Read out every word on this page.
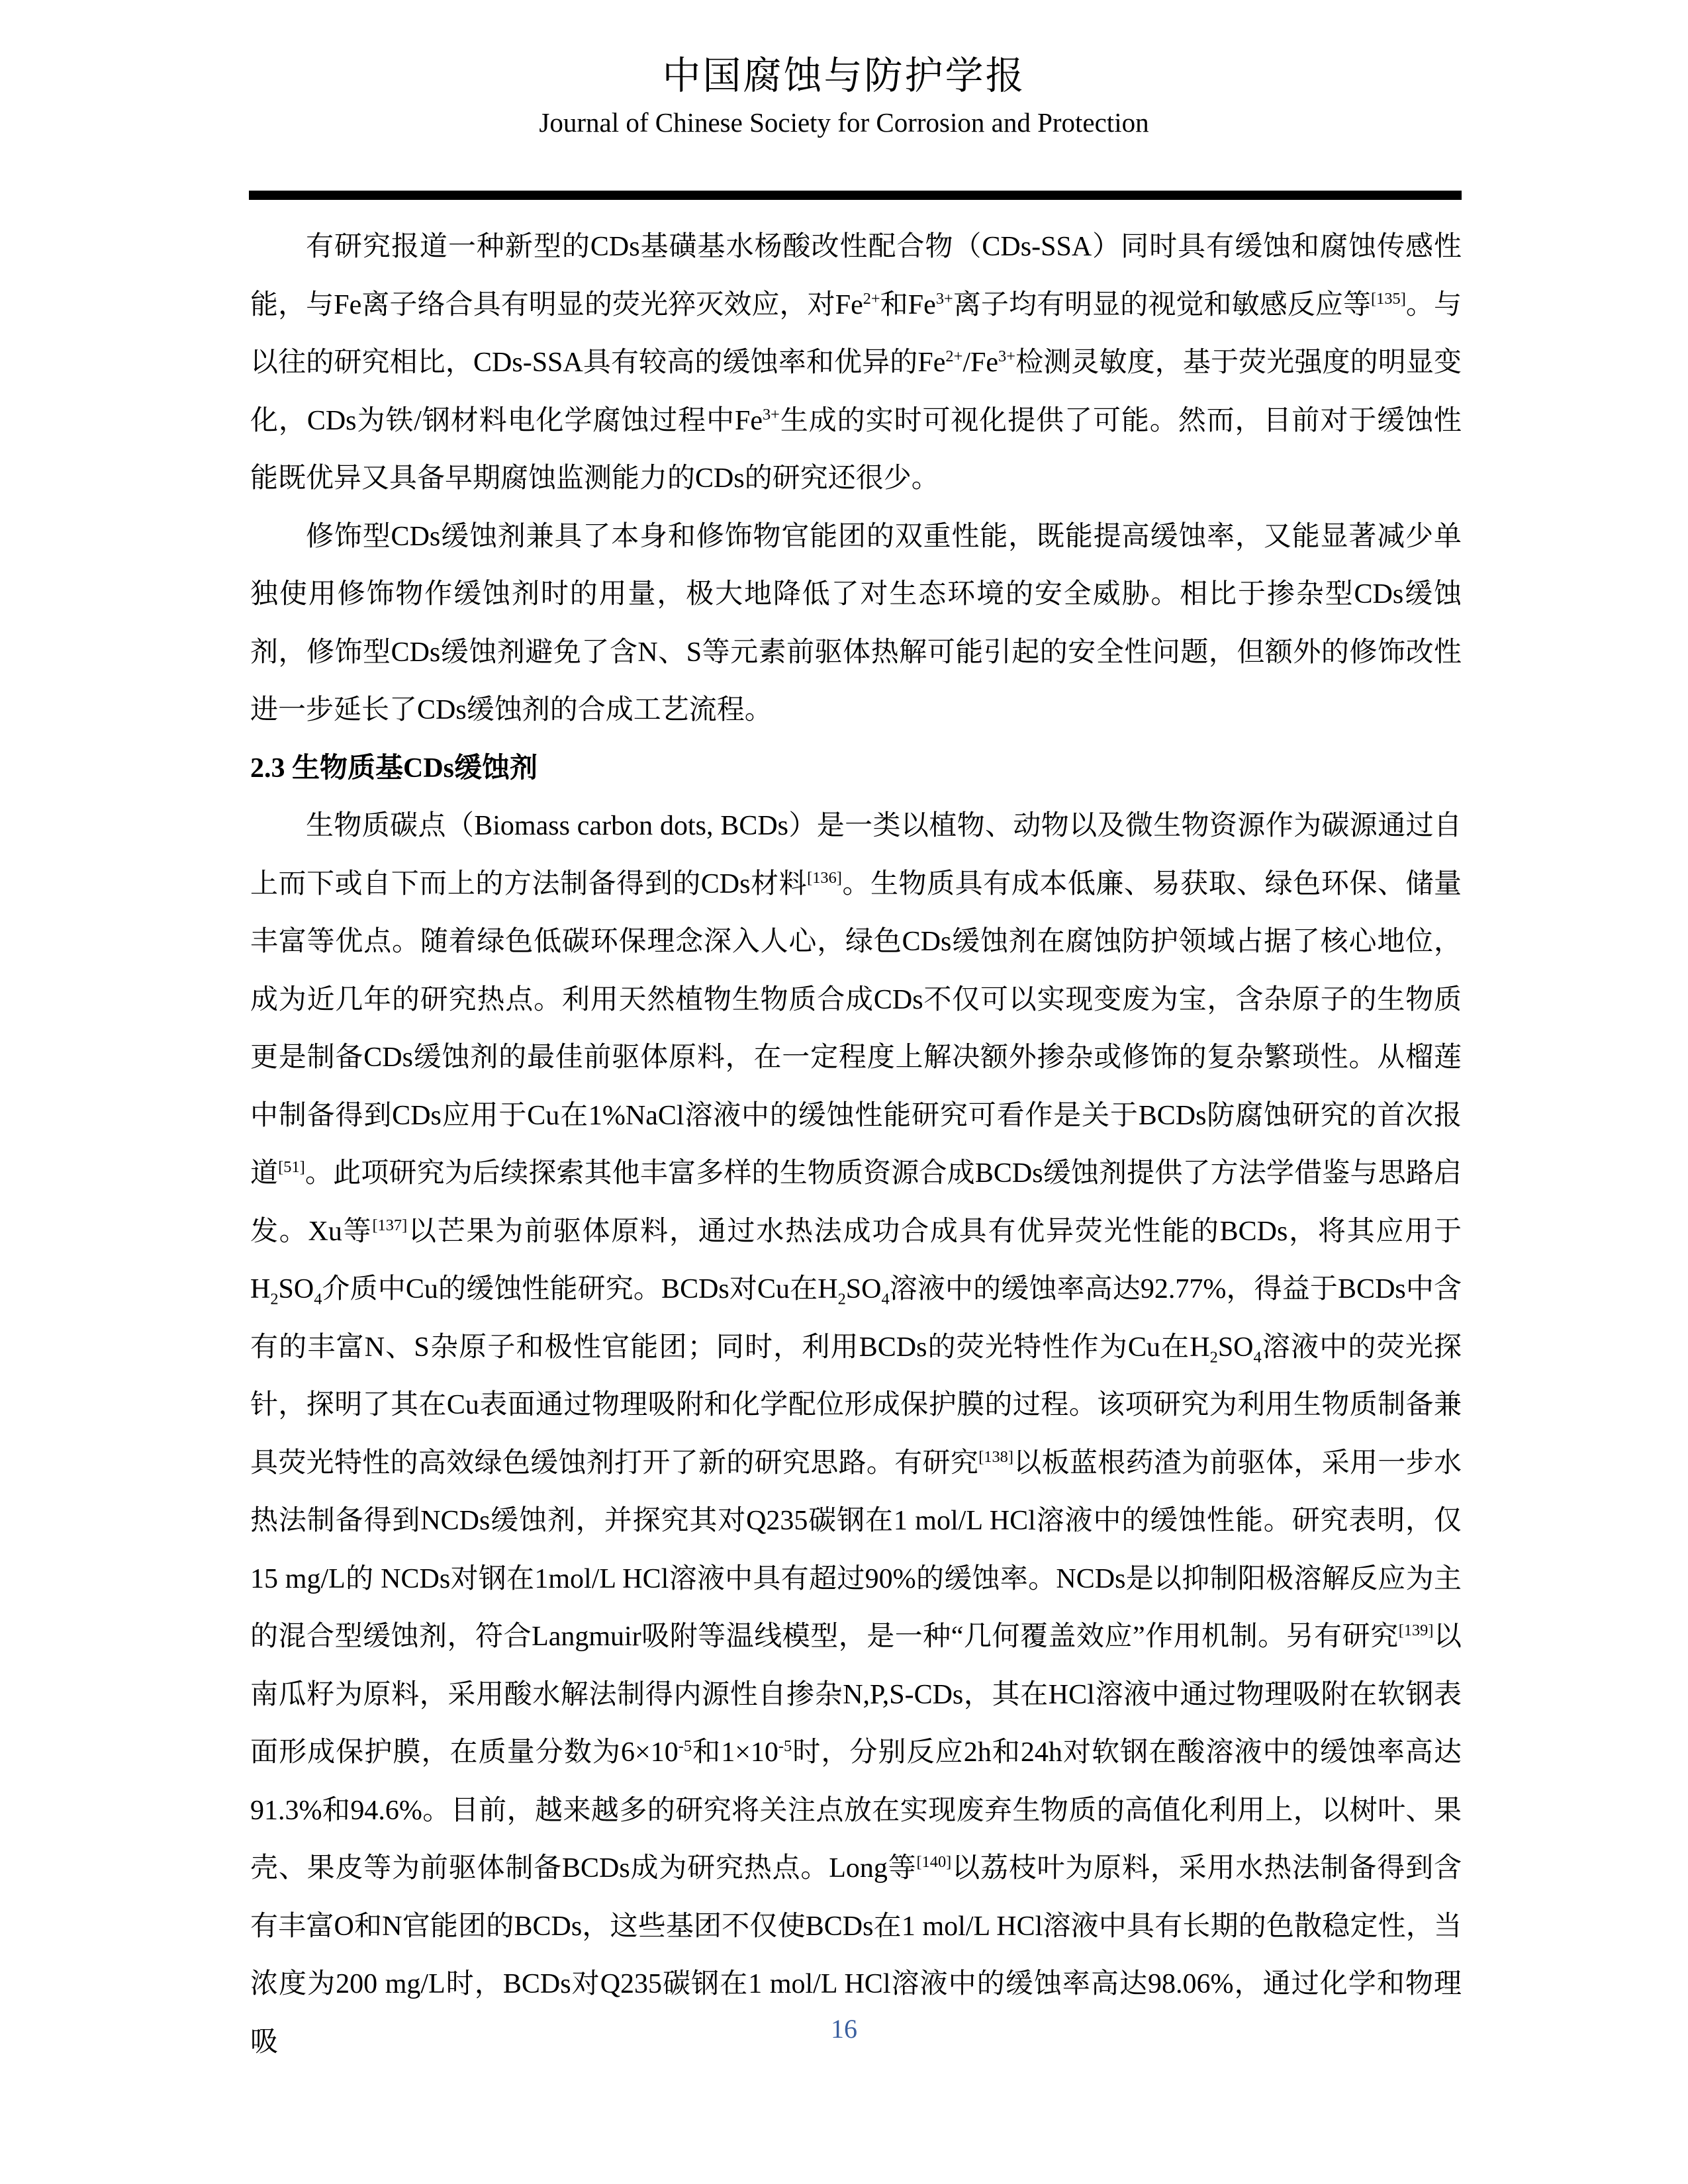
中国腐蚀与防护学报
Journal of Chinese Society for Corrosion and Protection

有研究报道一种新型的CDs基磺基水杨酸改性配合物（CDs-SSA）同时具有缓蚀和腐蚀传感性能，与Fe离子络合具有明显的荧光猝灭效应，对$Fe^{2+}$和$Fe^{3+}$离子均有明显的视觉和敏感反应等[135]。与以往的研究相比，CDs-SSA具有较高的缓蚀率和优异的$Fe^{2+}/Fe^{3+}$检测灵敏度，基于荧光强度的明显变化，CDs为铁/钢材料电化学腐蚀过程中$Fe^{3+}$生成的实时可视化提供了可能。然而，目前对于缓蚀性能既优异又具备早期腐蚀监测能力的CDs的研究还很少。

修饰型CDs缓蚀剂兼具了本身和修饰物官能团的双重性能，既能提高缓蚀率，又能显著减少单独使用修饰物作缓蚀剂时的用量，极大地降低了对生态环境的安全威胁。相比于掺杂型CDs缓蚀剂，修饰型CDs缓蚀剂避免了含N、S等元素前驱体热解可能引起的安全性问题，但额外的修饰改性进一步延长了CDs缓蚀剂的合成工艺流程。

2.3 生物质基CDs缓蚀剂

生物质碳点（Biomass carbon dots, BCDs）是一类以植物、动物以及微生物资源作为碳源通过自上而下或自下而上的方法制备得到的CDs材料[136]。生物质具有成本低廉、易获取、绿色环保、储量丰富等优点。随着绿色低碳环保理念深入人心，绿色CDs缓蚀剂在腐蚀防护领域占据了核心地位，成为近几年的研究热点。利用天然植物生物质合成CDs不仅可以实现变废为宝，含杂原子的生物质更是制备CDs缓蚀剂的最佳前驱体原料，在一定程度上解决额外掺杂或修饰的复杂繁琐性。从榴莲中制备得到CDs应用于Cu在1%NaCl溶液中的缓蚀性能研究可看作是关于BCDs防腐蚀研究的首次报道[51]。此项研究为后续探索其他丰富多样的生物质资源合成BCDs缓蚀剂提供了方法学借鉴与思路启发。Xu等[137]以芒果为前驱体原料，通过水热法成功合成具有优异荧光性能的BCDs，将其应用于$H_2SO_4$介质中Cu的缓蚀性能研究。BCDs对Cu在$H_2SO_4$溶液中的缓蚀率高达92.77%，得益于BCDs中含有的丰富N、S杂原子和极性官能团；同时，利用BCDs的荧光特性作为Cu在$H_2SO_4$溶液中的荧光探针，探明了其在Cu表面通过物理吸附和化学配位形成保护膜的过程。该项研究为利用生物质制备兼具荧光特性的高效绿色缓蚀剂打开了新的研究思路。有研究[138]以板蓝根药渣为前驱体，采用一步水热法制备得到NCDs缓蚀剂，并探究其对Q235碳钢在1 mol/L HCl溶液中的缓蚀性能。研究表明，仅15 mg/L的 NCDs对钢在1mol/L HCl溶液中具有超过90%的缓蚀率。NCDs是以抑制阳极溶解反应为主的混合型缓蚀剂，符合Langmuir吸附等温线模型，是一种“几何覆盖效应”作用机制。另有研究[139]以南瓜籽为原料，采用酸水解法制得内源性自掺杂N,P,S-CDs，其在HCl溶液中通过物理吸附在软钢表面形成保护膜，在质量分数为$6\times 10^{-5}$和$1\times 10^{-5}$时，分别反应2h和24h对软钢在酸溶液中的缓蚀率高达91.3%和94.6%。目前，越来越多的研究将关注点放在实现废弃生物质的高值化利用上，以树叶、果壳、果皮等为前驱体制备BCDs成为研究热点。Long等[140]以荔枝叶为原料，采用水热法制备得到含有丰富O和N官能团的BCDs，这些基团不仅使BCDs在1 mol/L HCl溶液中具有长期的色散稳定性，当浓度为200 mg/L时，BCDs对Q235碳钢在1 mol/L HCl溶液中的缓蚀率高达98.06%，通过化学和物理吸	16
